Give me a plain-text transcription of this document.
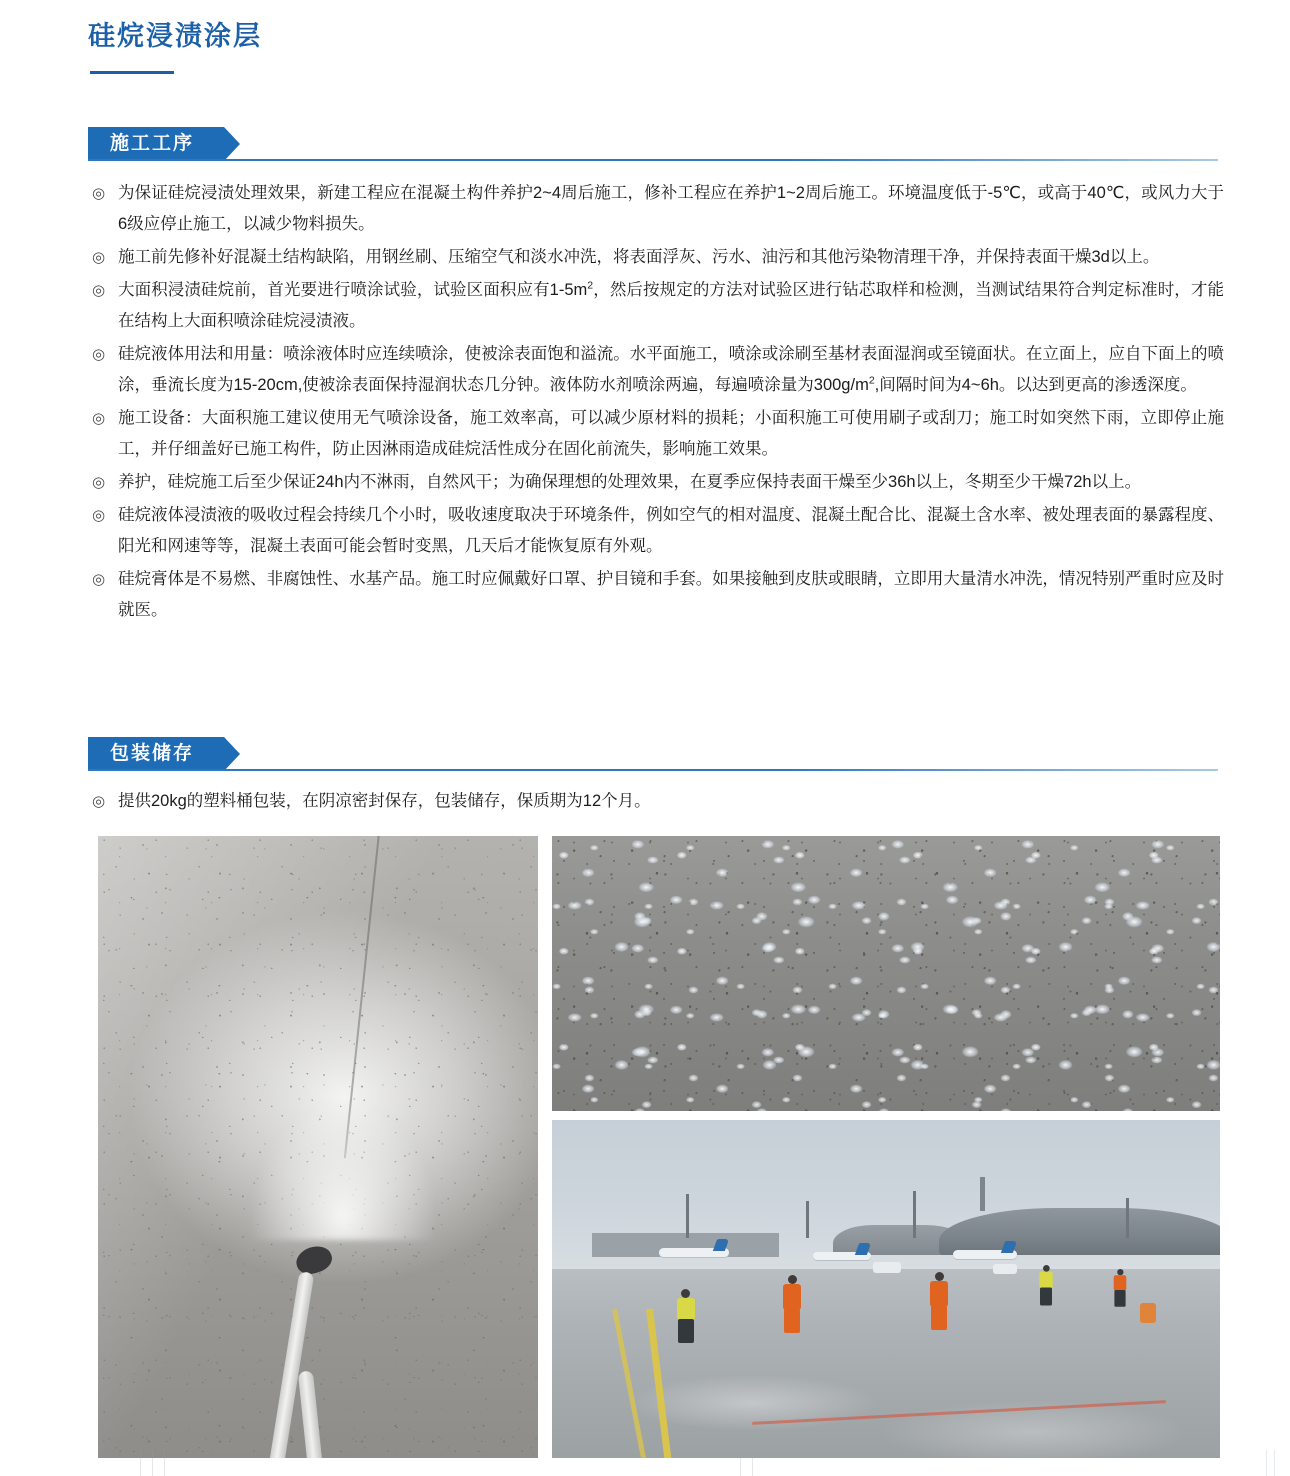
硅烷浸渍涂层
施工工序
◎ 为保证硅烷浸渍处理效果，新建工程应在混凝土构件养护2~4周后施工，修补工程应在养护1~2周后施工。环境温度低于-5℃，或高于40℃，或风力大于6级应停止施工，以减少物料损失。
◎ 施工前先修补好混凝土结构缺陷，用钢丝刷、压缩空气和淡水冲洗，将表面浮灰、污水、油污和其他污染物清理干净，并保持表面干燥3d以上。
◎ 大面积浸渍硅烷前，首光要进行喷涂试验，试验区面积应有$1-5m^2$，然后按规定的方法对试验区进行钻芯取样和检测，当测试结果符合判定标准时，才能在结构上大面积喷涂硅烷浸渍液。
◎ 硅烷液体用法和用量：喷涂液体时应连续喷涂，使被涂表面饱和溢流。水平面施工，喷涂或涂刷至基材表面湿润或至镜面状。在立面上，应自下面上的喷涂，垂流长度为15-20cm,使被涂表面保持湿润状态几分钟。液体防水剂喷涂两遍，每遍喷涂量为$300g/m^2$,间隔时间为4~6h。以达到更高的渗透深度。
◎ 施工设备：大面积施工建议使用无气喷涂设备，施工效率高，可以减少原材料的损耗；小面积施工可使用刷子或刮刀；施工时如突然下雨，立即停止施工，并仔细盖好已施工构件，防止因淋雨造成硅烷活性成分在固化前流失，影响施工效果。
◎ 养护，硅烷施工后至少保证24h内不淋雨，自然风干；为确保理想的处理效果，在夏季应保持表面干燥至少36h以上，冬期至少干燥72h以上。
◎ 硅烷液体浸渍液的吸收过程会持续几个小时，吸收速度取决于环境条件，例如空气的相对温度、混凝土配合比、混凝土含水率、被处理表面的暴露程度、阳光和网速等等，混凝土表面可能会暂时变黑，几天后才能恢复原有外观。
◎ 硅烷膏体是不易燃、非腐蚀性、水基产品。施工时应佩戴好口罩、护目镜和手套。如果接触到皮肤或眼睛，立即用大量清水冲洗，情况特别严重时应及时就医。
包装储存
◎ 提供20kg的塑料桶包装，在阴凉密封保存，包装储存，保质期为12个月。
